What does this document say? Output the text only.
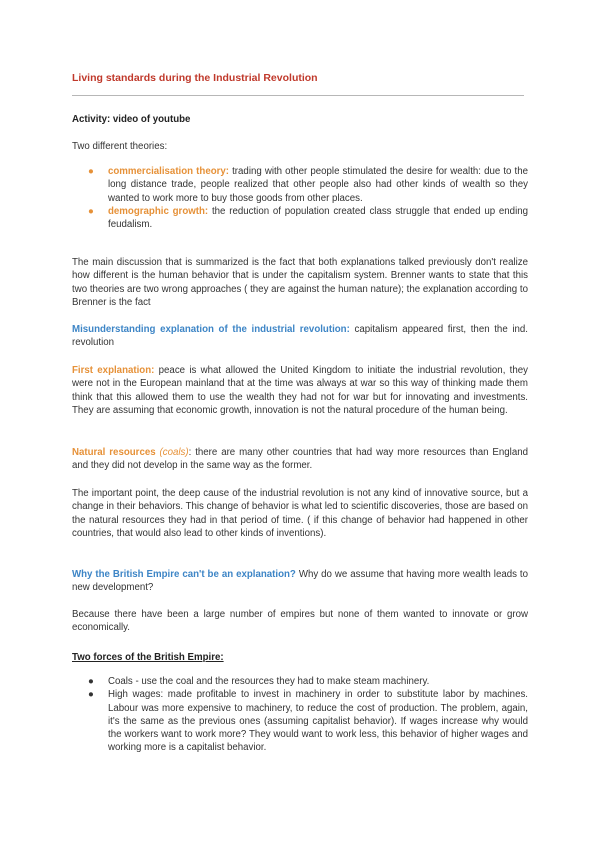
Living standards during the Industrial Revolution
Activity: video of youtube
Two different theories:
● commercialisation theory: trading with other people stimulated the desire for wealth: due to the long distance trade, people realized that other people also had other kinds of wealth so they wanted to work more to buy those goods from other places.
● demographic growth: the reduction of population created class struggle that ended up ending feudalism.
The main discussion that is summarized is the fact that both explanations talked previously don't realize how different is the human behavior that is under the capitalism system. Brenner wants to state that this two theories are two wrong approaches ( they are against the human nature); the explanation according to Brenner is the fact
Misunderstanding explanation of the industrial revolution: capitalism appeared first, then the ind. revolution
First explanation: peace is what allowed the United Kingdom to initiate the industrial revolution, they were not in the European mainland that at the time was always at war so this way of thinking made them think that this allowed them to use the wealth they had not for war but for innovating and investments. They are assuming that economic growth, innovation is not the natural procedure of the human being.
Natural resources (coals): there are many other countries that had way more resources than England and they did not develop in the same way as the former.
The important point, the deep cause of the industrial revolution is not any kind of innovative source, but a change in their behaviors. This change of behavior is what led to scientific discoveries, those are based on the natural resources they had in that period of time. ( if this change of behavior had happened in other countries, that would also lead to other kinds of inventions).
Why the British Empire can't be an explanation? Why do we assume that having more wealth leads to new development?
Because there have been a large number of empires but none of them wanted to innovate or grow economically.
Two forces of the British Empire:
● Coals - use the coal and the resources they had to make steam machinery.
● High wages: made profitable to invest in machinery in order to substitute labor by machines. Labour was more expensive to machinery, to reduce the cost of production. The problem, again, it's the same as the previous ones (assuming capitalist behavior). If wages increase why would the workers want to work more? They would want to work less, this behavior of higher wages and working more is a capitalist behavior.
